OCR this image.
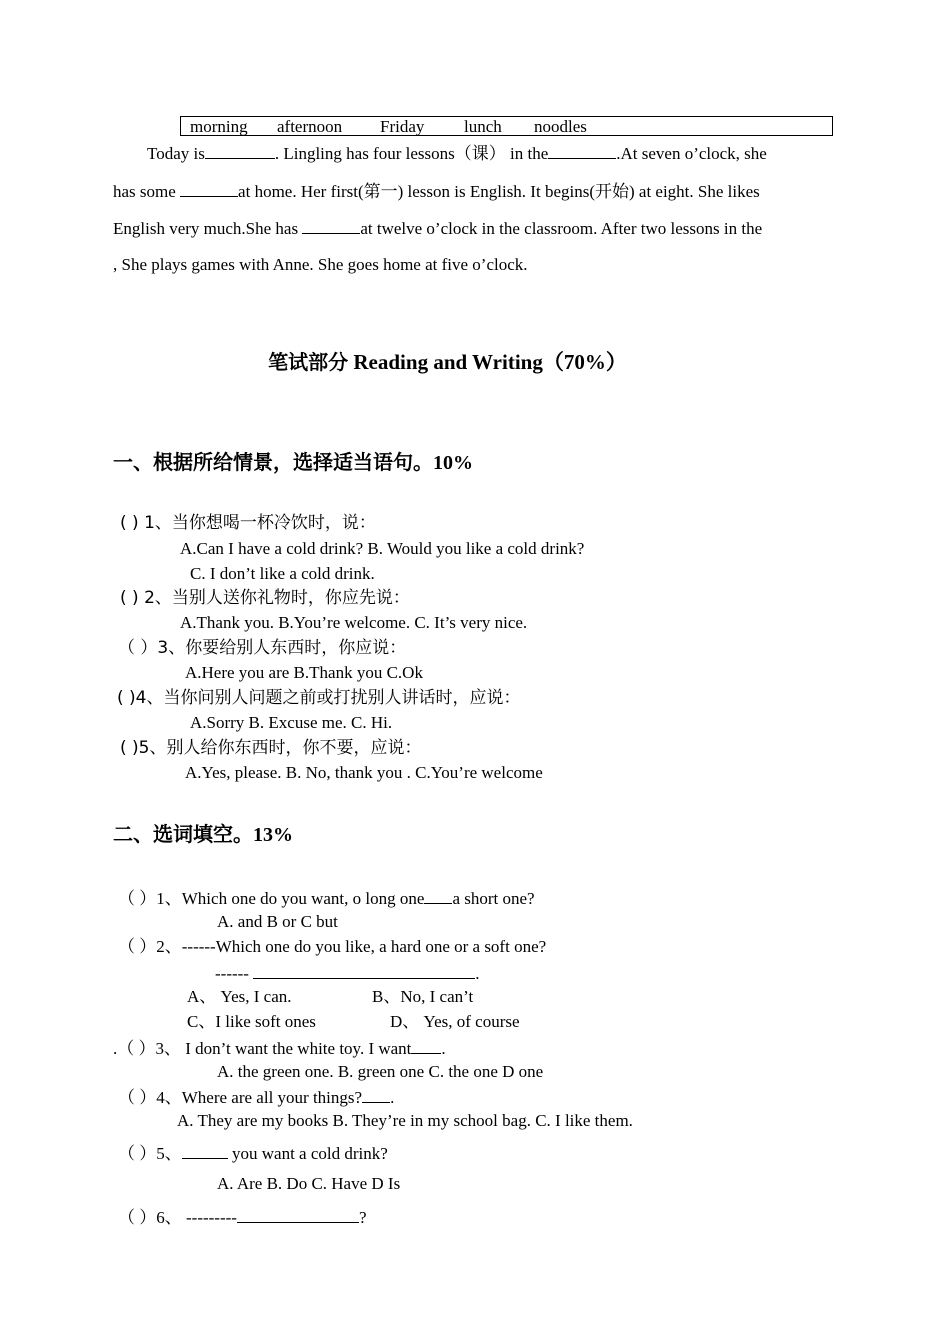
morning afternoon Friday lunch noodles
Today is	. Lingling has four lessons（课） in the	.At seven o’clock, she
has some	at home. Her first(第一) lesson is English. It begins(开始) at eight. She likes
English very much.She has	at twelve o’clock in the classroom. After two lessons in the
, She plays games with Anne. She goes home at five o’clock.
笔试部分 Reading and Writing（70%）
一、根据所给情景，选择适当语句。10%
( ) 1、当你想喝一杯冷饮时，说：
A.Can I have a cold drink? B. Would you like a cold drink?
C. I don’t like a cold drink.
( ) 2、当别人送你礼物时，你应先说：
A.Thank you. B.You’re welcome. C. It’s very nice.
（ ）3、你要给别人东西时，你应说：
A.Here you are B.Thank you C.Ok
( )4、当你问别人问题之前或打扰别人讲话时，应说：
A.Sorry B. Excuse me. C. Hi.
( )5、别人给你东西时，你不要，应说：
A.Yes, please. B. No, thank you . C.You’re welcome
二、选词填空。13%
（ ）1、Which one do you want, o long one a short one?
A. and B or C but
（ ）2、------Which one do you like, a hard one or a soft one?
------	.
A、 Yes, I can.	B、No, I can’t
C、I like soft ones	D、 Yes, of course
.（ ）3、 I don’t want the white toy. I want .
A. the green one. B. green one C. the one D one
（ ）4、Where are all your things? .
A. They are my books B. They’re in my school bag. C. I like them.
（ ）5、	you want a cold drink?
A. Are B. Do C. Have D Is
（ ）6、 ---------	?
